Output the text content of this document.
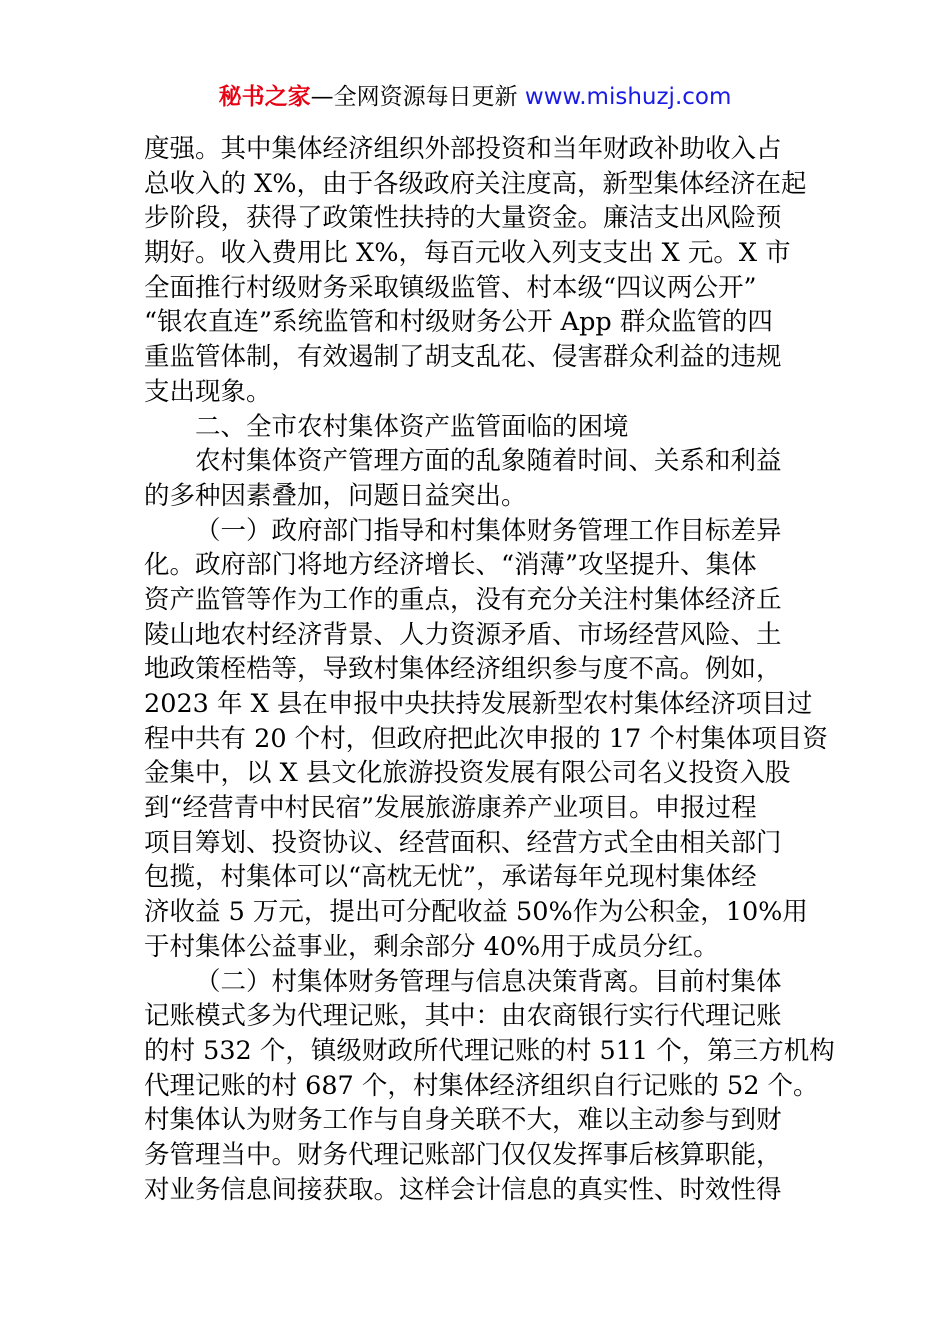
秘书之家—全网资源每日更新 www.mishuzj.com
度强。其中集体经济组织外部投资和当年财政补助收入占
总收入的 X%，由于各级政府关注度高，新型集体经济在起
步阶段，获得了政策性扶持的大量资金。廉洁支出风险预
期好。收入费用比 X%，每百元收入列支支出 X 元。X 市
全面推行村级财务采取镇级监管、村本级“四议两公开”
“银农直连”系统监管和村级财务公开 App 群众监管的四
重监管体制，有效遏制了胡支乱花、侵害群众利益的违规
支出现象。
二、全市农村集体资产监管面临的困境
农村集体资产管理方面的乱象随着时间、关系和利益
的多种因素叠加，问题日益突出。
（一）政府部门指导和村集体财务管理工作目标差异
化。政府部门将地方经济增长、“消薄”攻坚提升、集体
资产监管等作为工作的重点，没有充分关注村集体经济丘
陵山地农村经济背景、人力资源矛盾、市场经营风险、土
地政策桎梏等，导致村集体经济组织参与度不高。例如，
2023 年 X 县在申报中央扶持发展新型农村集体经济项目过
程中共有 20 个村，但政府把此次申报的 17 个村集体项目资
金集中，以 X 县文化旅游投资发展有限公司名义投资入股
到“经营青中村民宿”发展旅游康养产业项目。申报过程
项目筹划、投资协议、经营面积、经营方式全由相关部门
包揽，村集体可以“高枕无忧”，承诺每年兑现村集体经
济收益 5 万元，提出可分配收益 50%作为公积金，10%用
于村集体公益事业，剩余部分 40%用于成员分红。
（二）村集体财务管理与信息决策背离。目前村集体
记账模式多为代理记账，其中：由农商银行实行代理记账
的村 532 个，镇级财政所代理记账的村 511 个，第三方机构
代理记账的村 687 个，村集体经济组织自行记账的 52 个。
村集体认为财务工作与自身关联不大，难以主动参与到财
务管理当中。财务代理记账部门仅仅发挥事后核算职能，
对业务信息间接获取。这样会计信息的真实性、时效性得
